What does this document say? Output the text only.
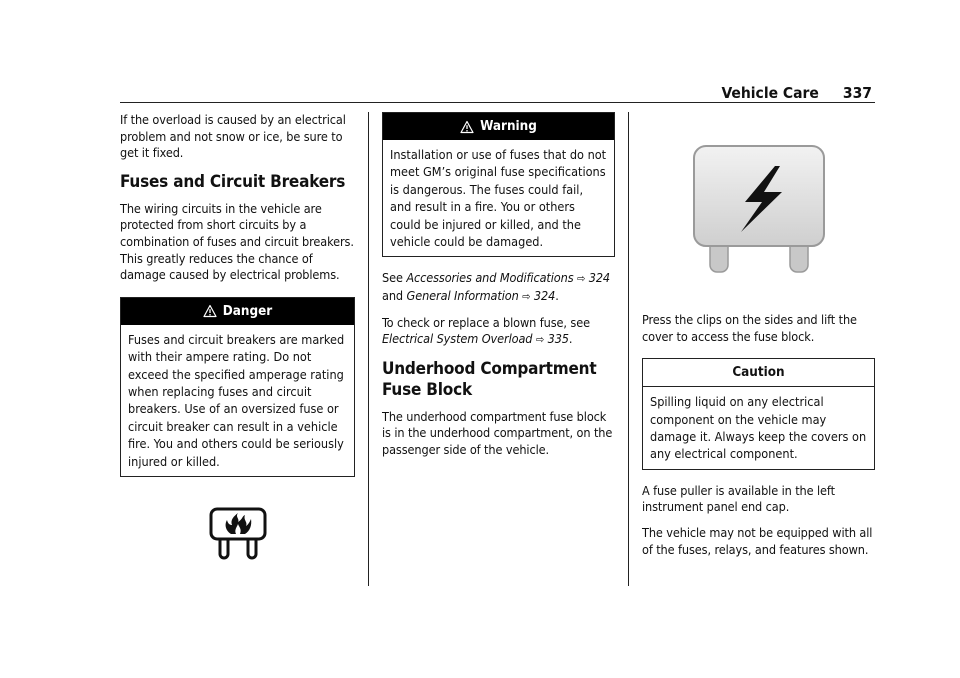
Vehicle Care 337

If the overload is caused by an electrical problem and not snow or ice, be sure to get it fixed.

Fuses and Circuit Breakers

The wiring circuits in the vehicle are protected from short circuits by a combination of fuses and circuit breakers. This greatly reduces the chance of damage caused by electrical problems.

Danger
Fuses and circuit breakers are marked with their ampere rating. Do not exceed the specified amperage rating when replacing fuses and circuit breakers. Use of an oversized fuse or circuit breaker can result in a vehicle fire. You and others could be seriously injured or killed.
Warning
Installation or use of fuses that do not meet GM’s original fuse specifications is dangerous. The fuses could fail, and result in a fire. You or others could be injured or killed, and the vehicle could be damaged.

See Accessories and Modifications ⇨ 324 and General Information ⇨ 324.

To check or replace a blown fuse, see Electrical System Overload ⇨ 335.

Underhood Compartment Fuse Block

The underhood compartment fuse block is in the underhood compartment, on the passenger side of the vehicle.

Press the clips on the sides and lift the cover to access the fuse block.

Caution
Spilling liquid on any electrical component on the vehicle may damage it. Always keep the covers on any electrical component.

A fuse puller is available in the left instrument panel end cap.

The vehicle may not be equipped with all of the fuses, relays, and features shown.
